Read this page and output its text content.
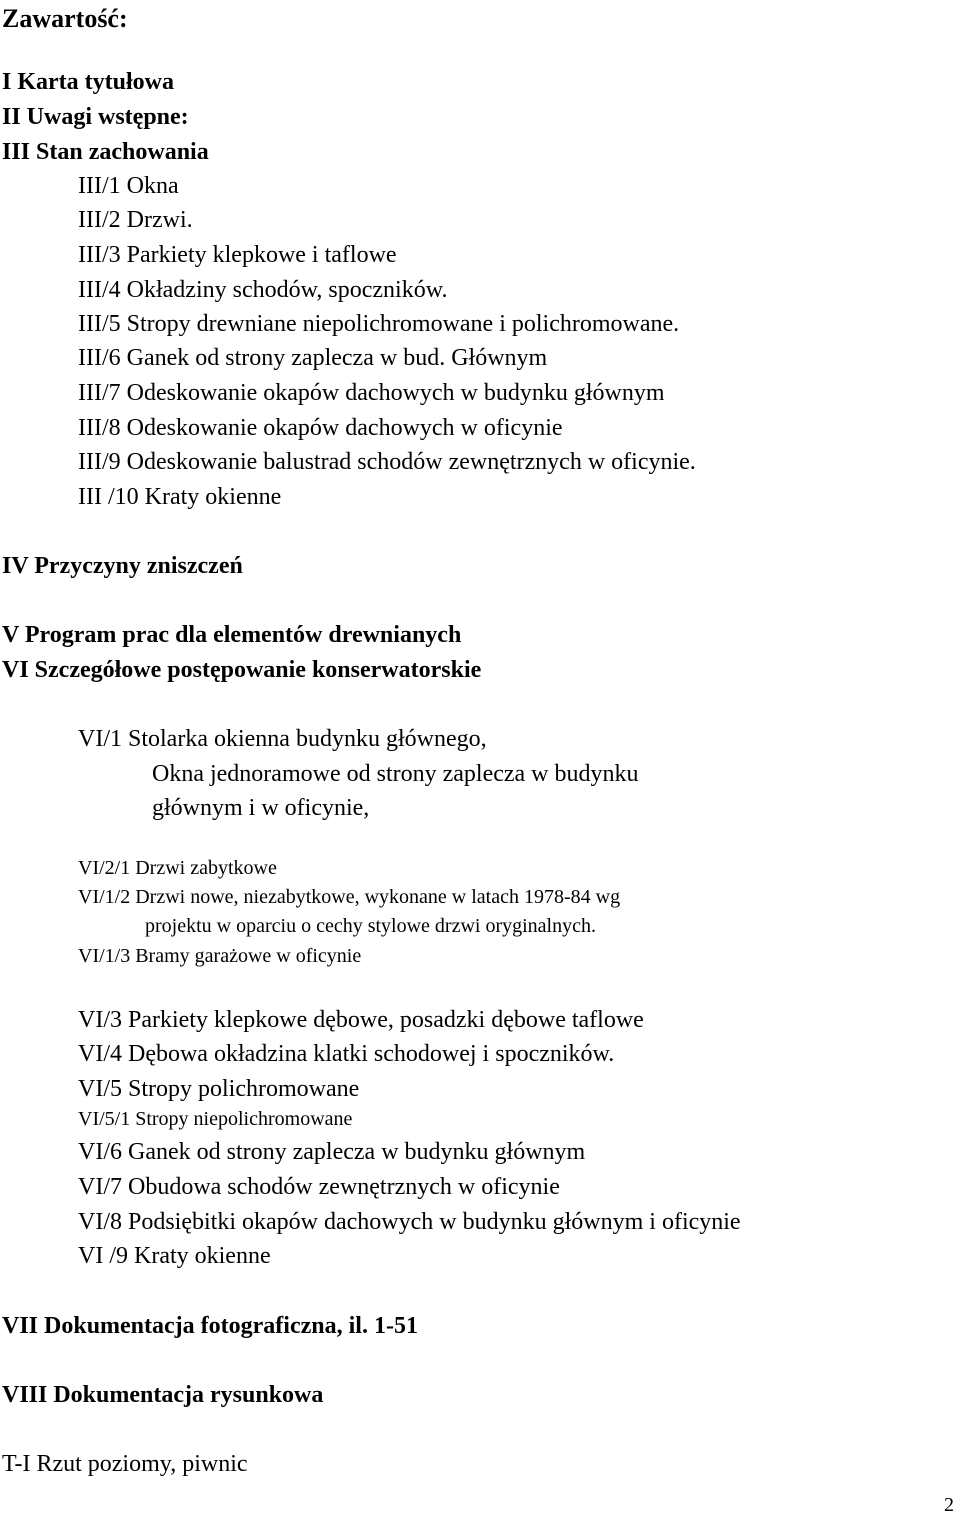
Zawartość:
I Karta tytułowa
II Uwagi wstępne:
III Stan zachowania
III/1 Okna
III/2 Drzwi.
III/3 Parkiety klepkowe i taflowe
III/4 Okładziny schodów, spoczników.
III/5 Stropy drewniane niepolichromowane i polichromowane.
III/6 Ganek od strony zaplecza w bud. Głównym
III/7 Odeskowanie okapów dachowych w budynku głównym
III/8 Odeskowanie okapów dachowych w oficynie
III/9 Odeskowanie balustrad schodów zewnętrznych w oficynie.
III /10 Kraty okienne
IV Przyczyny zniszczeń
V Program prac dla elementów drewnianych
VI Szczegółowe postępowanie konserwatorskie
VI/1 Stolarka okienna budynku głównego,
Okna jednoramowe od strony zaplecza w budynku
głównym i w oficynie,
VI/2/1 Drzwi zabytkowe
VI/1/2 Drzwi nowe, niezabytkowe, wykonane w latach 1978-84 wg
projektu w oparciu o cechy stylowe drzwi oryginalnych.
VI/1/3 Bramy garażowe w oficynie
VI/3 Parkiety klepkowe dębowe, posadzki dębowe taflowe
VI/4 Dębowa okładzina klatki schodowej i spoczników.
VI/5 Stropy polichromowane
VI/5/1 Stropy niepolichromowane
VI/6 Ganek od strony zaplecza w budynku głównym
VI/7 Obudowa schodów zewnętrznych w oficynie
VI/8 Podsiębitki okapów dachowych w budynku głównym i oficynie
VI /9 Kraty okienne
VII Dokumentacja fotograficzna, il. 1-51
VIII Dokumentacja rysunkowa
T-I Rzut poziomy, piwnic
2
